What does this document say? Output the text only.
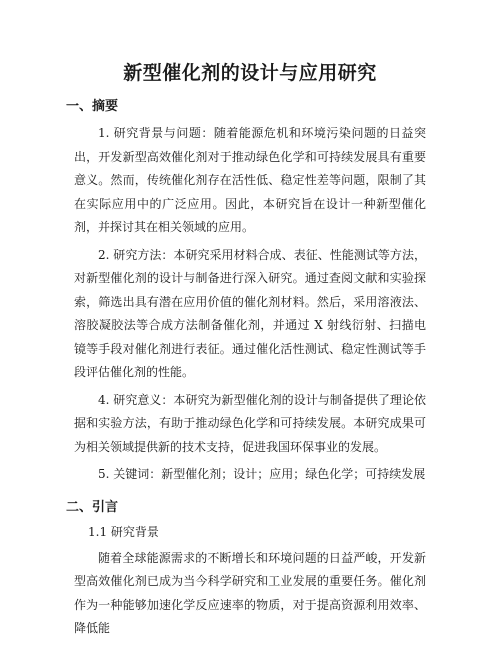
新型催化剂的设计与应用研究
一、摘要

1. 研究背景与问题：随着能源危机和环境污染问题的日益突出，开发新型高效催化剂对于推动绿色化学和可持续发展具有重要意义。然而，传统催化剂存在活性低、稳定性差等问题，限制了其在实际应用中的广泛应用。因此，本研究旨在设计一种新型催化剂，并探讨其在相关领域的应用。

2. 研究方法：本研究采用材料合成、表征、性能测试等方法，对新型催化剂的设计与制备进行深入研究。通过查阅文献和实验探索，筛选出具有潜在应用价值的催化剂材料。然后，采用溶液法、溶胶凝胶法等合成方法制备催化剂，并通过 X 射线衍射、扫描电镜等手段对催化剂进行表征。通过催化活性测试、稳定性测试等手段评估催化剂的性能。

4. 研究意义：本研究为新型催化剂的设计与制备提供了理论依据和实验方法，有助于推动绿色化学和可持续发展。本研究成果可为相关领域提供新的技术支持，促进我国环保事业的发展。

5. 关键词：新型催化剂；设计；应用；绿色化学；可持续发展

二、引言
1.1 研究背景

随着全球能源需求的不断增长和环境问题的日益严峻，开发新型高效催化剂已成为当今科学研究和工业发展的重要任务。催化剂作为一种能够加速化学反应速率的物质，对于提高资源利用效率、降低能
